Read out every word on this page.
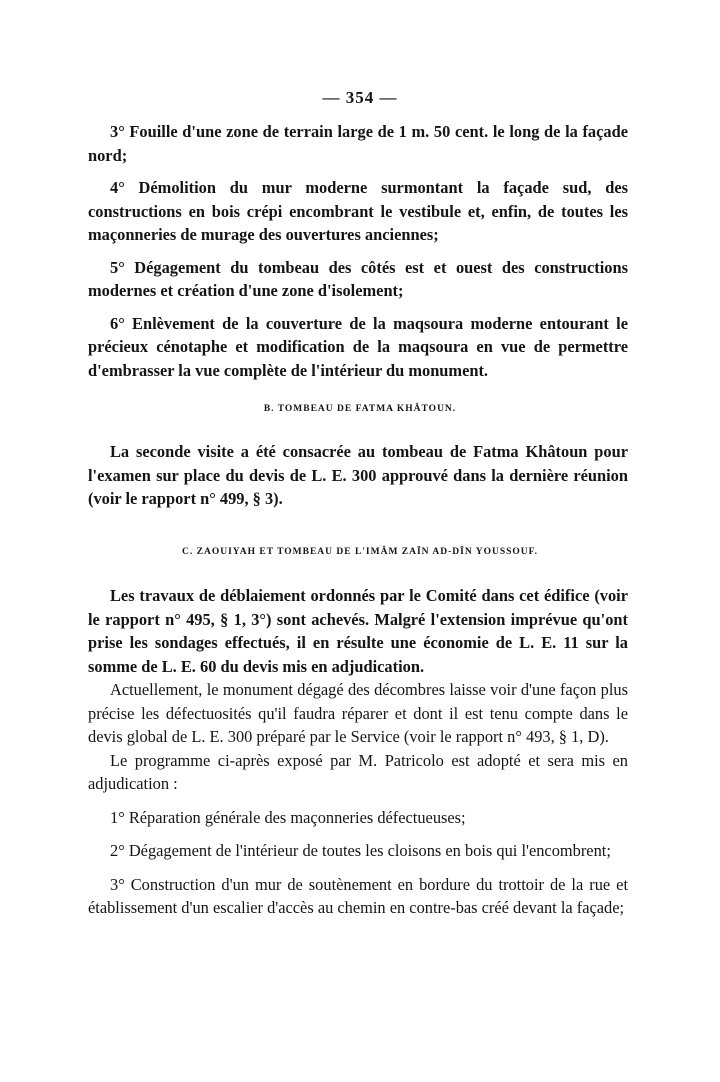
— 354 —

3° Fouille d'une zone de terrain large de 1 m. 50 cent. le long de la façade nord;

4° Démolition du mur moderne surmontant la façade sud, des constructions en bois crépi encombrant le vestibule et, enfin, de toutes les maçonneries de murage des ouvertures anciennes;

5° Dégagement du tombeau des côtés est et ouest des constructions modernes et création d'une zone d'isolement;

6° Enlèvement de la couverture de la maqsoura moderne entourant le précieux cénotaphe et modification de la maqsoura en vue de permettre d'embrasser la vue complète de l'intérieur du monument.

B. TOMBEAU DE FATMA KHÂTOUN.

La seconde visite a été consacrée au tombeau de Fatma Khâtoun pour l'examen sur place du devis de L. E. 300 approuvé dans la dernière réunion (voir le rapport n° 499, § 3).

C. ZAOUIYAH ET TOMBEAU DE L'IMÂM ZAÏN AD-DÎN YOUSSOUF.

Les travaux de déblaiement ordonnés par le Comité dans cet édifice (voir le rapport n° 495, § 1, 3°) sont achevés. Malgré l'extension imprévue qu'ont prise les sondages effectués, il en résulte une économie de L. E. 11 sur la somme de L. E. 60 du devis mis en adjudication.

Actuellement, le monument dégagé des décombres laisse voir d'une façon plus précise les défectuosités qu'il faudra réparer et dont il est tenu compte dans le devis global de L. E. 300 préparé par le Service (voir le rapport n° 493, § 1, D).

Le programme ci-après exposé par M. Patricolo est adopté et sera mis en adjudication :

1° Réparation générale des maçonneries défectueuses;

2° Dégagement de l'intérieur de toutes les cloisons en bois qui l'encombrent;

3° Construction d'un mur de soutènement en bordure du trottoir de la rue et établissement d'un escalier d'accès au chemin en contre-bas créé devant la façade;
